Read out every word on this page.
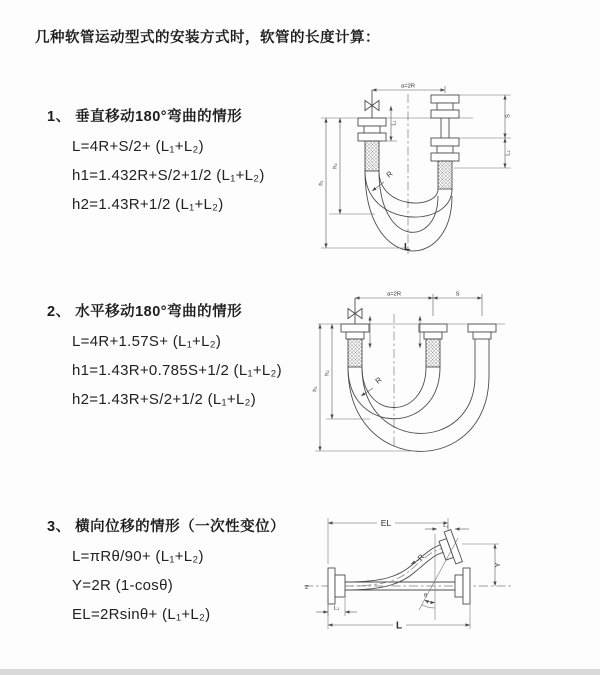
几种软管运动型式的安装方式时，软管的长度计算：
1、 垂直移动180°弯曲的情形
L=4R+S/2+ (L₁+L₂)
h1=1.432R+S/2+1/2 (L₁+L₂)
h2=1.43R+1/2 (L₁+L₂)
a=2R
h₁
h₂
S
L₂
L₁
R
L
2、 水平移动180°弯曲的情形
L=4R+1.57S+ (L₁+L₂)
h1=1.43R+0.785S+1/2 (L₁+L₂)
h2=1.43R+S/2+1/2 (L₁+L₂)
a=2R	S
h₁
h₂
R
3、 横向位移的情形（一次性变位）
L=πRθ/90+ (L₁+L₂)
Y=2R (1-cosθ)
EL=2Rsinθ+ (L₁+L₂)
Z
θ
R
EL	L₂
Y
L
L₁
